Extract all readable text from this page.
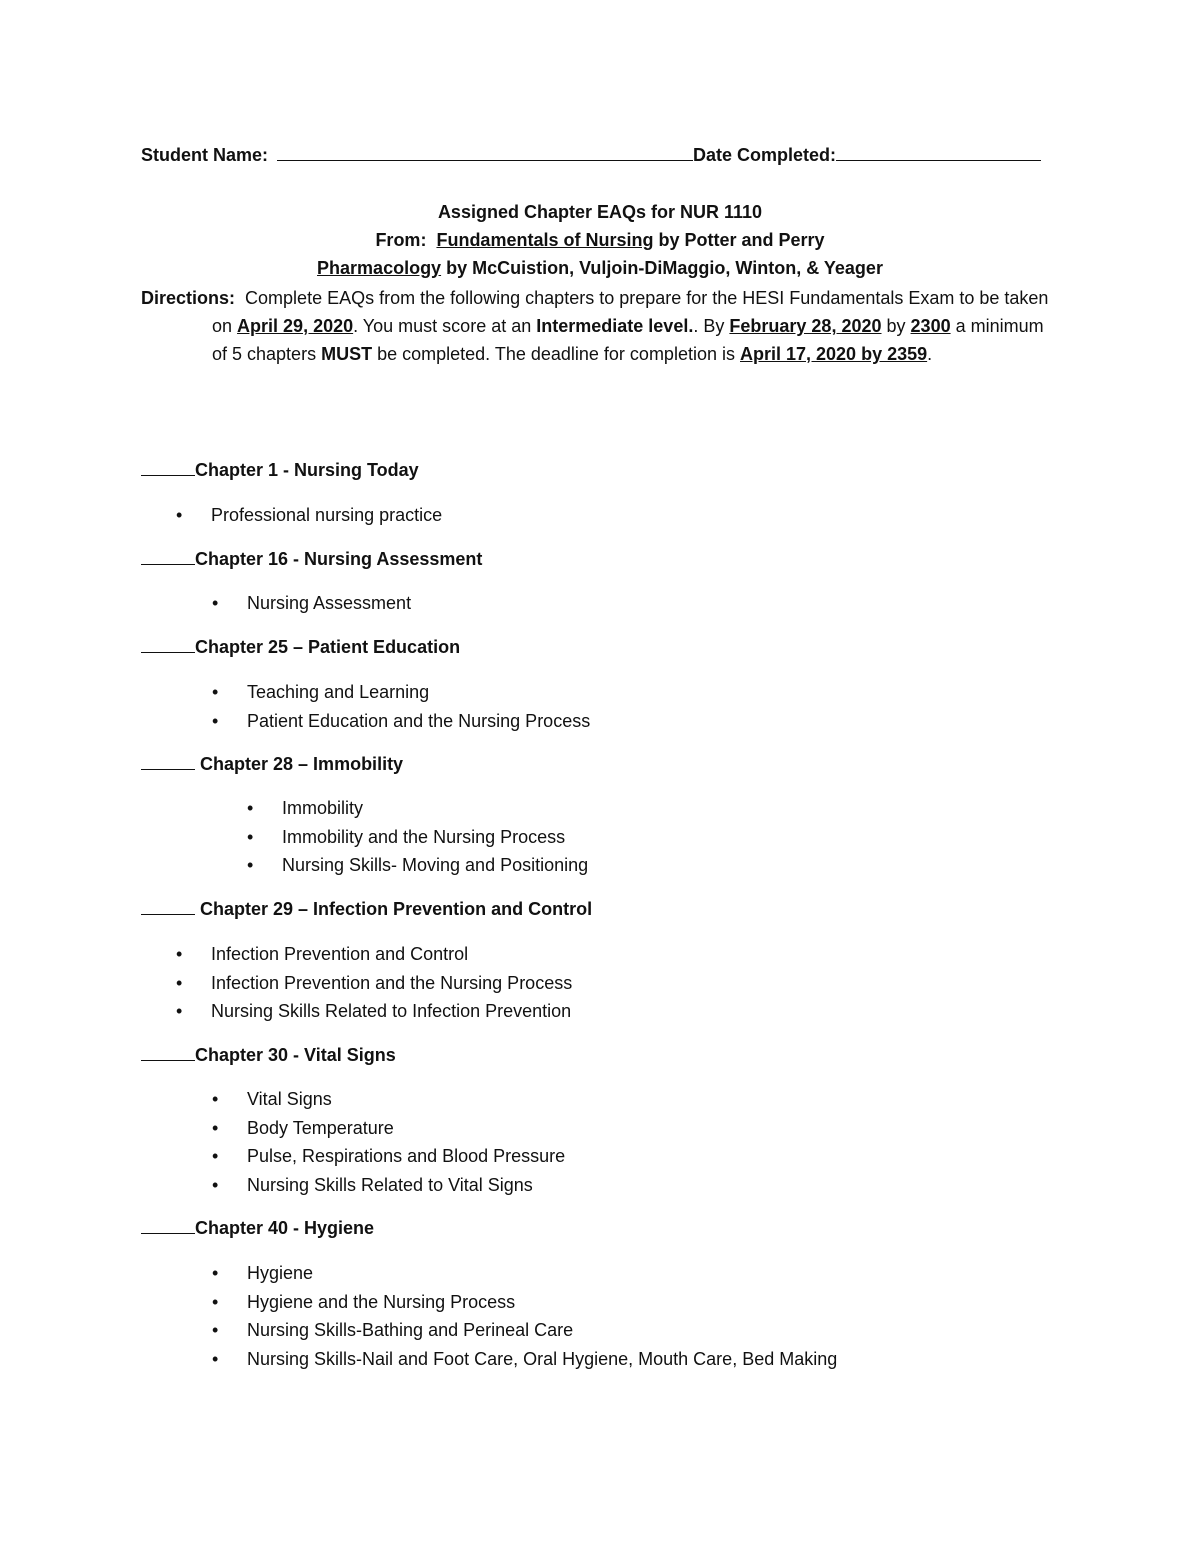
Student Name:	Date Completed:
Assigned Chapter EAQs for NUR 1110
From: Fundamentals of Nursing by Potter and Perry
Pharmacology by McCuistion, Vuljoin-DiMaggio, Winton, & Yeager
Directions: Complete EAQs from the following chapters to prepare for the HESI Fundamentals Exam to be taken on April 29, 2020. You must score at an Intermediate level.. By February 28, 2020 by 2300 a minimum of 5 chapters MUST be completed. The deadline for completion is April 17, 2020 by 2359.
Chapter 1 - Nursing Today
• Professional nursing practice
Chapter 16 - Nursing Assessment
• Nursing Assessment
Chapter 25 – Patient Education
• Teaching and Learning
• Patient Education and the Nursing Process
Chapter 28 – Immobility
• Immobility
• Immobility and the Nursing Process
• Nursing Skills- Moving and Positioning
Chapter 29 – Infection Prevention and Control
• Infection Prevention and Control
• Infection Prevention and the Nursing Process
• Nursing Skills Related to Infection Prevention
Chapter 30 - Vital Signs
• Vital Signs
• Body Temperature
• Pulse, Respirations and Blood Pressure
• Nursing Skills Related to Vital Signs
Chapter 40 - Hygiene
• Hygiene
• Hygiene and the Nursing Process
• Nursing Skills-Bathing and Perineal Care
• Nursing Skills-Nail and Foot Care, Oral Hygiene, Mouth Care, Bed Making
